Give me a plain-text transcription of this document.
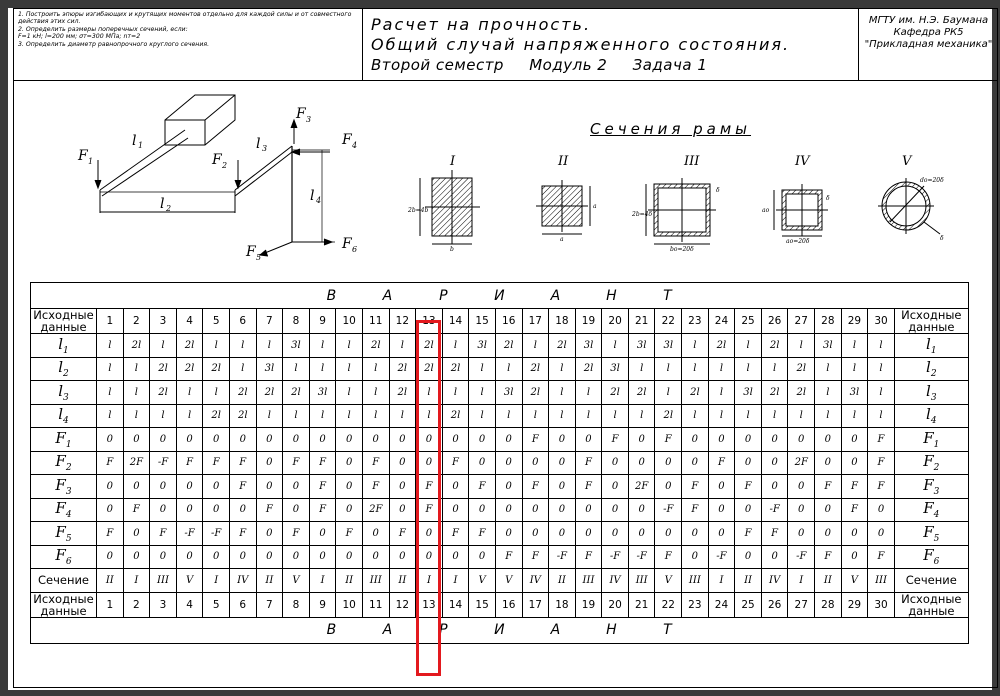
1. Построить эпюры изгибающих и крутящих моментов отдельно для каждой силы и от совместного
действия этих сил.
2. Определить размеры поперечных сечений, если:
F=1 кН; l=200 мм; σт=300 МПа; nт=2
3. Определить диаметр равнопрочного круглого сечения.
Расчет на прочность.
Общий случай напряженного состояния.
Второй семестр Модуль 2 Задача 1
МГТУ им. Н.Э. Баумана
Кафедра РК5
"Прикладная механика"
F 1	F 2
F 3
F 4
F 5
F 6
l 1
l 2
l 3
l 4
Сечения рамы
2b=4b
b
a
a
2b=4δ
δ
bo=20δ
ao
δ
ao=20δ
do=20δ
δ
I	II	III	IV	V
В А Р И А Н Т																															
Исходные данные	1	2	3	4	5	6	7	8	9	10	11	12	13	14	15	16	17	18	19	20	21	22	23	24	25	26	27	28	29	30	Исходные данные
$l_1$	l	2l	l	2l	l	l	l	3l	l	l	2l	l	2l	l	3l	2l	l	2l	3l	l	3l	3l	l	2l	l	2l	l	3l	l	l	$l_1$
$l_2$	l	l	2l	2l	2l	l	3l	l	l	l	l	2l	2l	2l	l	l	2l	l	2l	3l	l	l	l	l	l	l	2l	l	l	l	$l_2$
$l_3$	l	l	2l	l	l	2l	2l	2l	3l	l	l	2l	l	l	l	3l	2l	l	l	2l	2l	l	2l	l	3l	2l	2l	l	3l	l	$l_3$
$l_4$	l	l	l	l	2l	2l	l	l	l	l	l	l	l	2l	l	l	l	l	l	l	l	2l	l	l	l	l	l	l	l	l	$l_4$
$F_1$	0	0	0	0	0	0	0	0	0	0	0	0	0	0	0	0	F	0	0	F	0	F	0	0	0	0	0	0	0	F	$F_1$
$F_2$	F	2F	-F	F	F	F	0	F	F	0	F	0	0	F	0	0	0	0	F	0	0	0	0	F	0	0	2F	0	0	F	$F_2$
$F_3$	0	0	0	0	0	F	0	0	F	0	F	0	F	0	F	0	F	0	F	0	2F	0	F	0	F	0	0	F	F	F	$F_3$
$F_4$	0	F	0	0	0	0	F	0	F	0	2F	0	F	0	0	0	0	0	0	0	0	-F	F	0	0	-F	0	0	F	0	$F_4$
$F_5$	F	0	F	-F	-F	F	0	F	0	F	0	F	0	F	F	0	0	0	0	0	0	0	0	0	F	F	0	0	0	0	$F_5$
$F_6$	0	0	0	0	0	0	0	0	0	0	0	0	0	0	0	F	F	-F	F	-F	-F	F	0	-F	0	0	-F	F	0	F	$F_6$
Сечение	II	I	III	V	I	IV	II	V	I	II	III	II	I	I	V	V	IV	II	III	IV	III	V	III	I	II	IV	I	II	V	III	Сечение
Исходные данные	1	2	3	4	5	6	7	8	9	10	11	12	13	14	15	16	17	18	19	20	21	22	23	24	25	26	27	28	29	30	Исходные данные
В А Р И А Н Т																															
